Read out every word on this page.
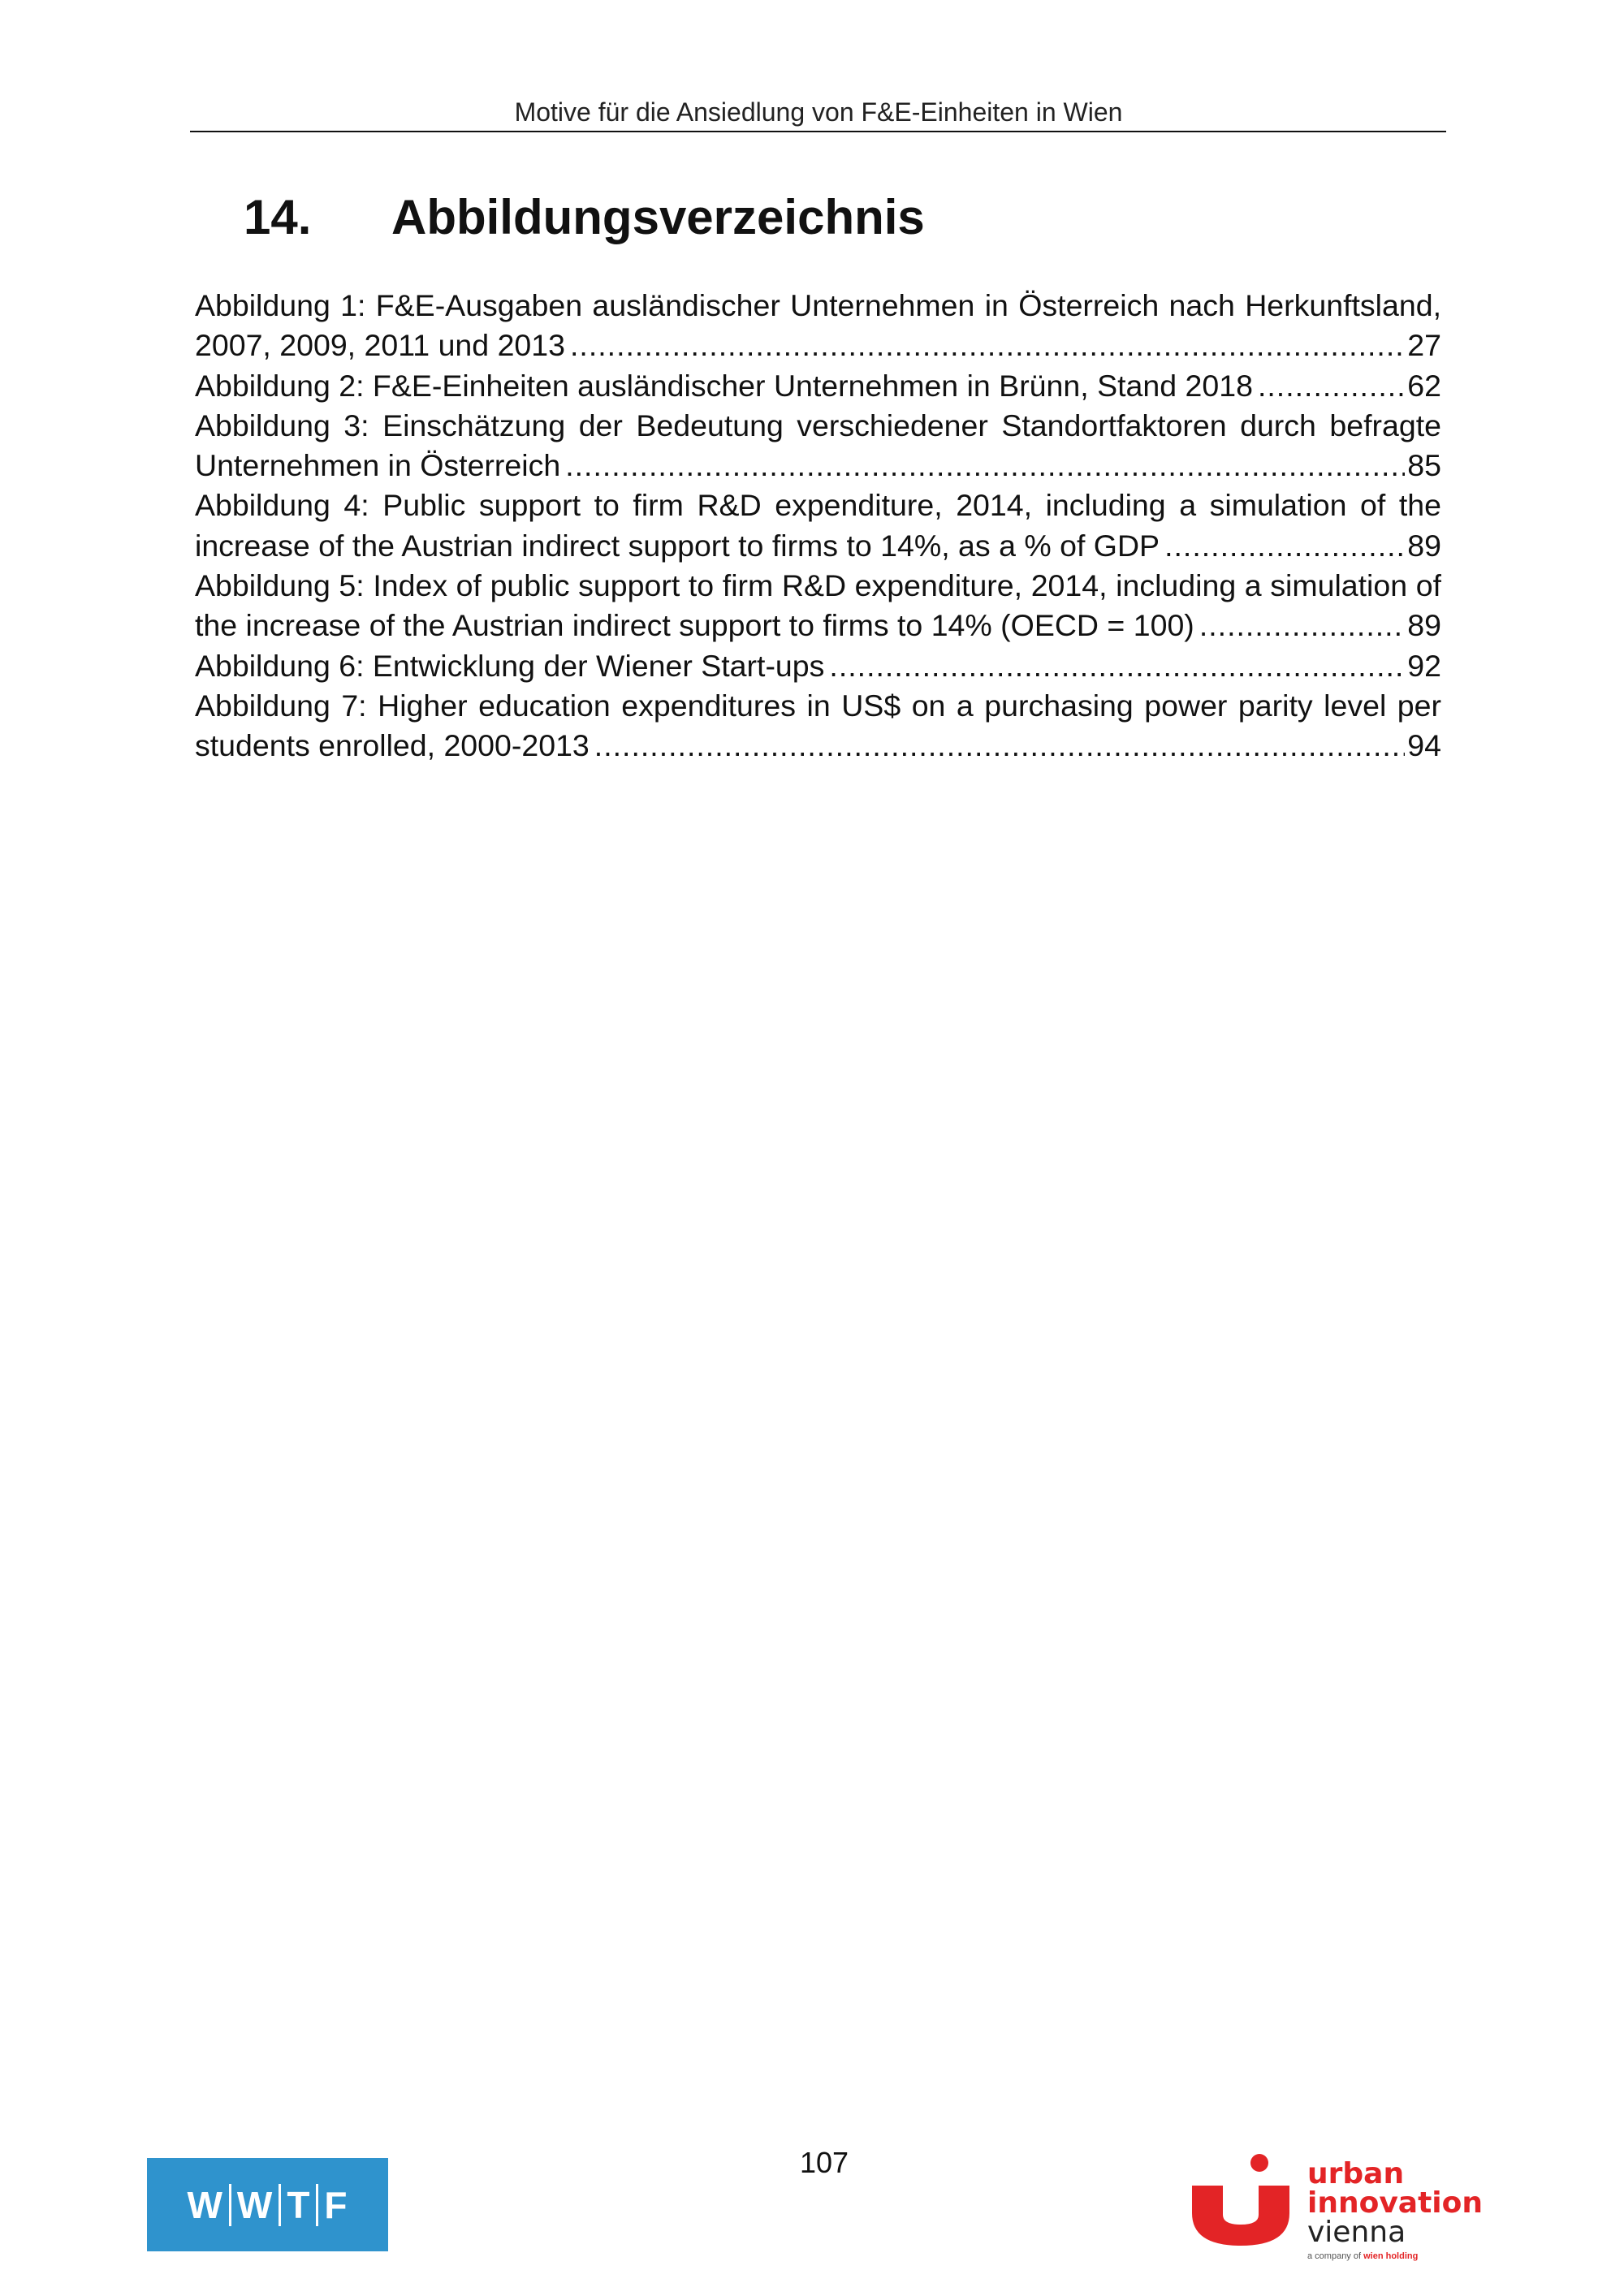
Motive für die Ansiedlung von F&E-Einheiten in Wien
14. Abbildungsverzeichnis
Abbildung 1: F&E-Ausgaben ausländischer Unternehmen in Österreich nach Herkunftsland,
2007, 2009, 2011 und 2013 .....	27
Abbildung 2: F&E-Einheiten ausländischer Unternehmen in Brünn, Stand 2018 .....	62
Abbildung 3: Einschätzung der Bedeutung verschiedener Standortfaktoren durch befragte
Unternehmen in Österreich .....	85
Abbildung 4: Public support to firm R&D expenditure, 2014, including a simulation of the
increase of the Austrian indirect support to firms to 14%, as a % of GDP .....	89
Abbildung 5: Index of public support to firm R&D expenditure, 2014, including a simulation of
the increase of the Austrian indirect support to firms to 14% (OECD = 100) .....	89
Abbildung 6: Entwicklung der Wiener Start-ups .....	92
Abbildung 7: Higher education expenditures in US$ on a purchasing power parity level per
students enrolled, 2000-2013 .....	94
107
W W T F
urban
innovation
vienna
a company of wien holding
